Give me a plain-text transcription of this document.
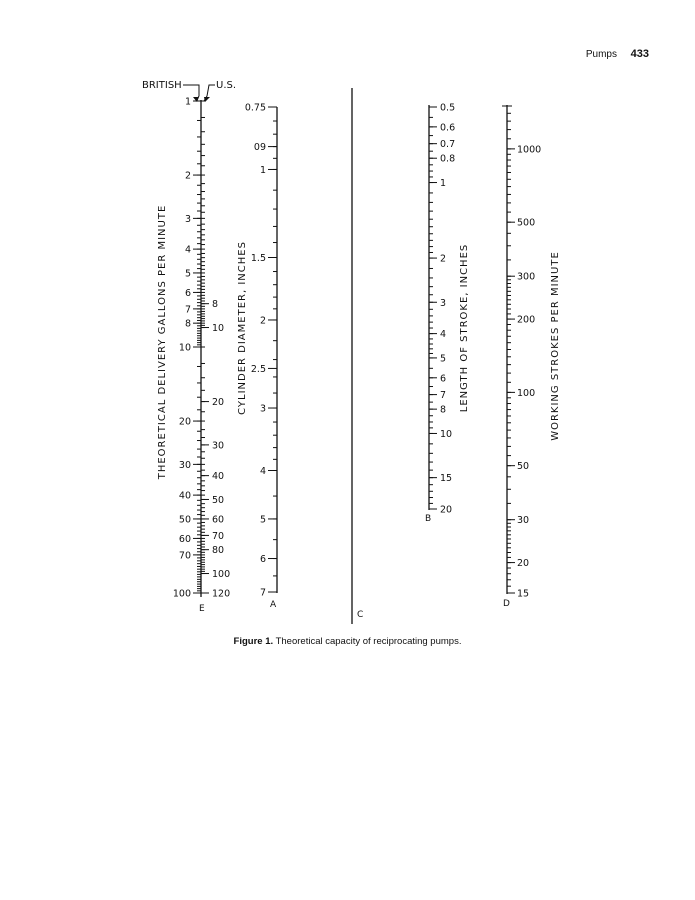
Pumps 433
BRITISH	U.S.
THEORETICAL DELIVERY GALLONS PER MINUTE	CYLINDER DIAMETER, INCHES	LENGTH OF STROKE, INCHES	WORKING STROKES PER MINUTE
E	A
C
B
D
1
2
3
4
5
6
7
8
10
20
30
40
50
60
70
100
8
10
20
30
40
50
60
70
80
100
120
0.75
09
1
1.5
2
2.5
3
4
5
6
7
0.5
0.6
0.7
0.8
1
2
3
4
5
6
7
8
10
15
20
1000
500
300
200
100
50
30
20
15
Figure 1. Theoretical capacity of reciprocating pumps.
